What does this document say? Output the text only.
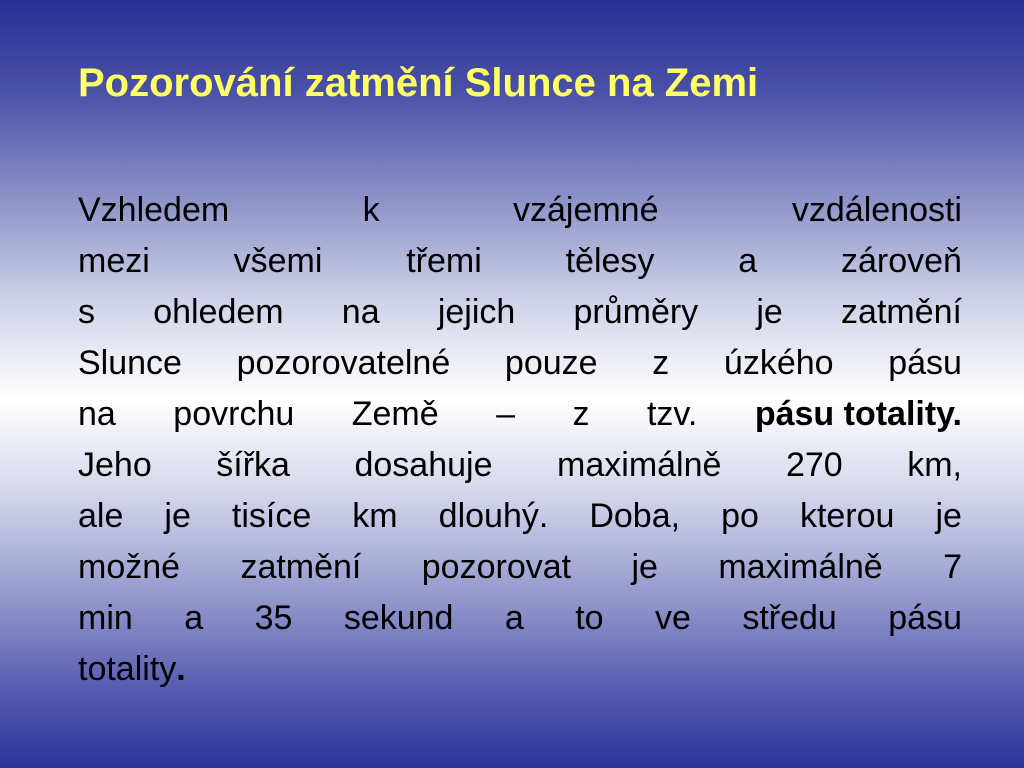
Pozorování zatmění Slunce na Zemi
Vzhledem	k	vzájemné	vzdálenosti
mezi všemi třemi tělesy a zároveň
s ohledem na jejich průměry je zatmění
Slunce pozorovatelné pouze z úzkého pásu
na povrchu Země – z tzv. pásu totality.
Jeho šířka dosahuje maximálně 270 km,
ale je tisíce km dlouhý. Doba, po kterou je
možné zatmění pozorovat je maximálně 7
min a 35 sekund a to ve středu pásu
totality .
